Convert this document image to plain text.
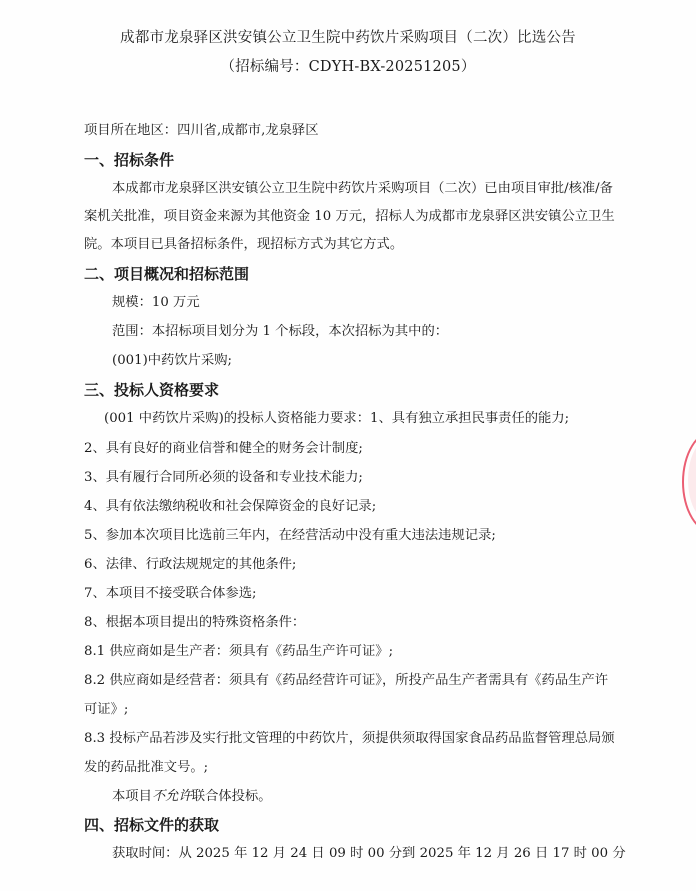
成都市龙泉驿区洪安镇公立卫生院中药饮片采购项目（二次）比选公告
（招标编号：CDYH-BX-20251205）
项目所在地区：四川省,成都市,龙泉驿区
一、招标条件
本成都市龙泉驿区洪安镇公立卫生院中药饮片采购项目（二次）已由项目审批/核准/备
案机关批准，项目资金来源为其他资金 10 万元，招标人为成都市龙泉驿区洪安镇公立卫生
院。本项目已具备招标条件，现招标方式为其它方式。
二、项目概况和招标范围
规模：10 万元
范围：本招标项目划分为 1 个标段，本次招标为其中的：
(001)中药饮片采购;
三、投标人资格要求
(001 中药饮片采购)的投标人资格能力要求：1、具有独立承担民事责任的能力;
2、具有良好的商业信誉和健全的财务会计制度;
3、具有履行合同所必须的设备和专业技术能力;
4、具有依法缴纳税收和社会保障资金的良好记录;
5、参加本次项目比选前三年内，在经营活动中没有重大违法违规记录;
6、法律、行政法规规定的其他条件;
7、本项目不接受联合体参选;
8、根据本项目提出的特殊资格条件：
8.1 供应商如是生产者：须具有《药品生产许可证》;
8.2 供应商如是经营者：须具有《药品经营许可证》，所投产品生产者需具有《药品生产许
可证》;
8.3 投标产品若涉及实行批文管理的中药饮片，须提供须取得国家食品药品监督管理总局颁
发的药品批准文号。;
本项目不允许联合体投标。
四、招标文件的获取
获取时间：从 2025 年 12 月 24 日 09 时 00 分到 2025 年 12 月 26 日 17 时 00 分
